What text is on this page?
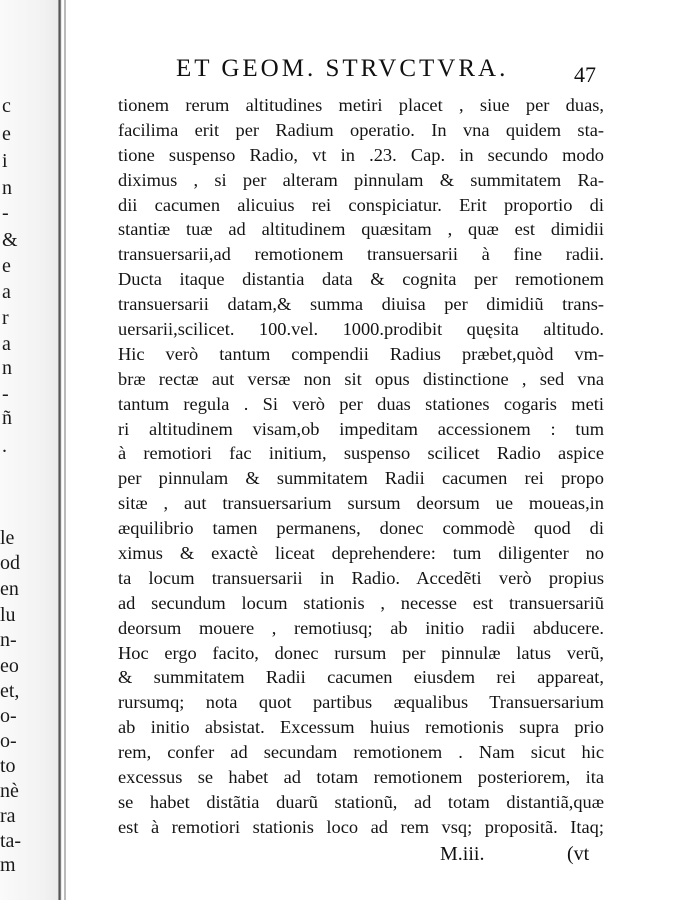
c
e
i
n
-
&
e
a
r
a
n
-
ñ
.
le
od
en
lu
n-
eo
et,
o-
o-
to
nè
ra
ta-
m
ET GEOM. STRVCTVRA.	47
tionem rerum altitudines metiri placet , siue per duas,
facilima erit per Radium operatio. In vna quidem sta-
tione suspenso Radio, vt in .23. Cap. in secundo modo
diximus , si per alteram pinnulam & summitatem Ra-
dii cacumen alicuius rei conspiciatur. Erit proportio di
stantiæ tuæ ad altitudinem quæsitam , quæ est dimidii
transuersarii,ad remotionem transuersarii à fine radii.
Ducta itaque distantia data & cognita per remotionem
transuersarii datam,& summa diuisa per dimidiũ trans-
uersarii,scilicet. 100.vel. 1000.prodibit quęsita altitudo.
Hic verò tantum compendii Radius præbet,quòd vm-
bræ rectæ aut versæ non sit opus distinctione , sed vna
tantum regula . Si verò per duas stationes cogaris meti
ri altitudinem visam,ob impeditam accessionem : tum
à remotiori fac initium, suspenso scilicet Radio aspice
per pinnulam & summitatem Radii cacumen rei propo
sitæ , aut transuersarium sursum deorsum ue moueas,in
æquilibrio tamen permanens, donec commodè quod di
ximus & exactè liceat deprehendere: tum diligenter no
ta locum transuersarii in Radio. Accedẽti verò propius
ad secundum locum stationis , necesse est transuersariũ
deorsum mouere , remotiusq; ab initio radii abducere.
Hoc ergo facito, donec rursum per pinnulæ latus verũ,
& summitatem Radii cacumen eiusdem rei appareat,
rursumq; nota quot partibus æqualibus Transuersarium
ab initio absistat. Excessum huius remotionis supra prio
rem, confer ad secundam remotionem . Nam sicut hic
excessus se habet ad totam remotionem posteriorem, ita
se habet distãtia duarũ stationũ, ad totam distantiã,quæ
est à remotiori stationis loco ad rem vsq; propositã. Itaq;
M.iii.	(vt
